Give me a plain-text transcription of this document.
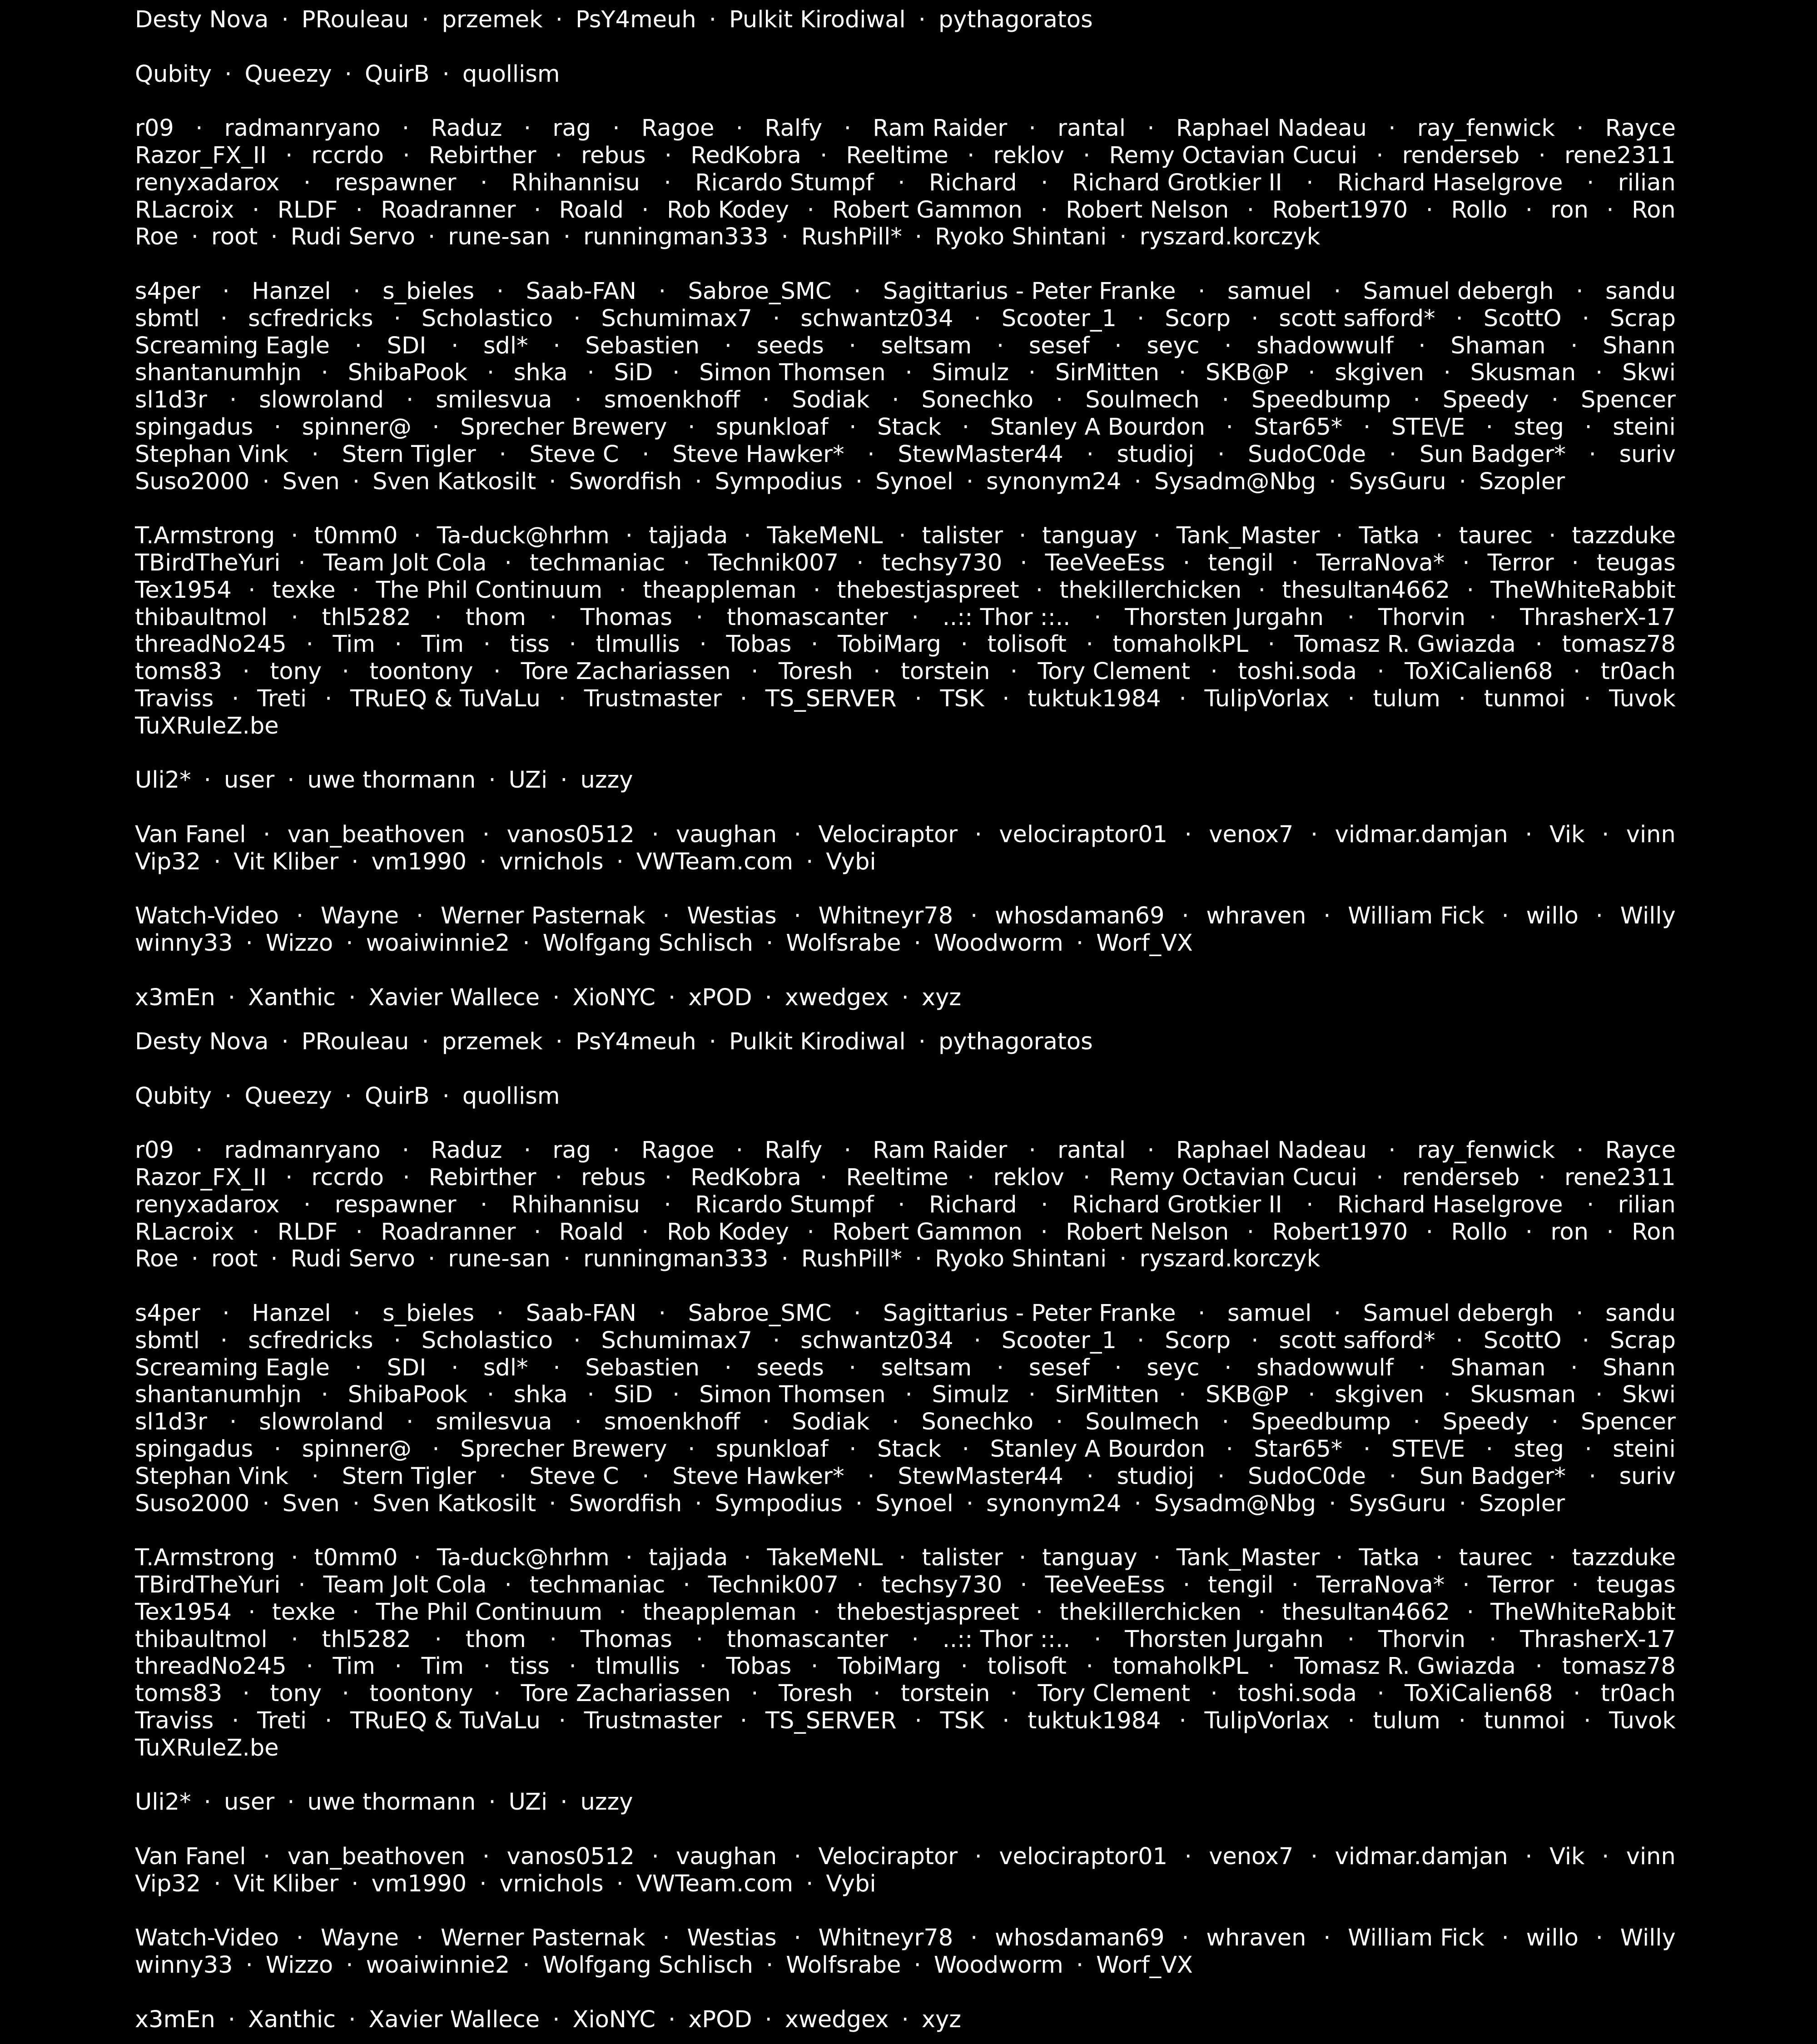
Desty Nova · PRouleau · przemek · PsY4meuh · Pulkit Kirodiwal · pythagoratos
Qubity · Queezy · QuirB · quollism
r09 · radmanryano · Raduz · rag · Ragoe · Ralfy · Ram Raider · rantal · Raphael Nadeau · ray_fenwick · Rayce
Razor_FX_II · rccrdo · Rebirther · rebus · RedKobra · Reeltime · reklov · Remy Octavian Cucui · renderseb · rene2311
renyxadarox · respawner · Rhihannisu · Ricardo Stumpf · Richard · Richard Grotkier II · Richard Haselgrove · rilian
RLacroix · RLDF · Roadranner · Roald · Rob Kodey · Robert Gammon · Robert Nelson · Robert1970 · Rollo · ron · Ron
Roe · root · Rudi Servo · rune-san · runningman333 · RushPill* · Ryoko Shintani · ryszard.korczyk
s4per · Hanzel · s_bieles · Saab-FAN · Sabroe_SMC · Sagittarius - Peter Franke · samuel · Samuel debergh · sandu
sbmtl · scfredricks · Scholastico · Schumimax7 · schwantz034 · Scooter_1 · Scorp · scott safford* · ScottO · Scrap
Screaming Eagle · SDI · sdl* · Sebastien · seeds · seltsam · sesef · seyc · shadowwulf · Shaman · Shann
shantanumhjn · ShibaPook · shka · SiD · Simon Thomsen · Simulz · SirMitten · SKB@P · skgiven · Skusman · Skwi
sl1d3r · slowroland · smilesvua · smoenkhoff · Sodiak · Sonechko · Soulmech · Speedbump · Speedy · Spencer
spingadus · spinner@ · Sprecher Brewery · spunkloaf · Stack · Stanley A Bourdon · Star65* · STE\/E · steg · steini
Stephan Vink · Stern Tigler · Steve C · Steve Hawker* · StewMaster44 · studioj · SudoC0de · Sun Badger* · suriv
Suso2000 · Sven · Sven Katkosilt · Swordfish · Sympodius · Synoel · synonym24 · Sysadm@Nbg · SysGuru · Szopler
T.Armstrong · t0mm0 · Ta-duck@hrhm · tajjada · TakeMeNL · talister · tanguay · Tank_Master · Tatka · taurec · tazzduke
TBirdTheYuri · Team Jolt Cola · techmaniac · Technik007 · techsy730 · TeeVeeEss · tengil · TerraNova* · Terror · teugas
Tex1954 · texke · The Phil Continuum · theappleman · thebestjaspreet · thekillerchicken · thesultan4662 · TheWhiteRabbit
thibaultmol · thl5282 · thom · Thomas · thomascanter · ..:: Thor ::.. · Thorsten Jurgahn · Thorvin · ThrasherX-17
threadNo245 · Tim · Tim · tiss · tlmullis · Tobas · TobiMarg · tolisoft · tomaholkPL · Tomasz R. Gwiazda · tomasz78
toms83 · tony · toontony · Tore Zachariassen · Toresh · torstein · Tory Clement · toshi.soda · ToXiCalien68 · tr0ach
Traviss · Treti · TRuEQ & TuVaLu · Trustmaster · TS_SERVER · TSK · tuktuk1984 · TulipVorlax · tulum · tunmoi · Tuvok
TuXRuleZ.be
Uli2* · user · uwe thormann · UZi · uzzy
Van Fanel · van_beathoven · vanos0512 · vaughan · Velociraptor · velociraptor01 · venox7 · vidmar.damjan · Vik · vinn
Vip32 · Vit Kliber · vm1990 · vrnichols · VWTeam.com · Vybi
Watch-Video · Wayne · Werner Pasternak · Westias · Whitneyr78 · whosdaman69 · whraven · William Fick · willo · Willy
winny33 · Wizzo · woaiwinnie2 · Wolfgang Schlisch · Wolfsrabe · Woodworm · Worf_VX
x3mEn · Xanthic · Xavier Wallece · XioNYC · xPOD · xwedgex · xyz
Desty Nova · PRouleau · przemek · PsY4meuh · Pulkit Kirodiwal · pythagoratos
Qubity · Queezy · QuirB · quollism
r09 · radmanryano · Raduz · rag · Ragoe · Ralfy · Ram Raider · rantal · Raphael Nadeau · ray_fenwick · Rayce
Razor_FX_II · rccrdo · Rebirther · rebus · RedKobra · Reeltime · reklov · Remy Octavian Cucui · renderseb · rene2311
renyxadarox · respawner · Rhihannisu · Ricardo Stumpf · Richard · Richard Grotkier II · Richard Haselgrove · rilian
RLacroix · RLDF · Roadranner · Roald · Rob Kodey · Robert Gammon · Robert Nelson · Robert1970 · Rollo · ron · Ron
Roe · root · Rudi Servo · rune-san · runningman333 · RushPill* · Ryoko Shintani · ryszard.korczyk
s4per · Hanzel · s_bieles · Saab-FAN · Sabroe_SMC · Sagittarius - Peter Franke · samuel · Samuel debergh · sandu
sbmtl · scfredricks · Scholastico · Schumimax7 · schwantz034 · Scooter_1 · Scorp · scott safford* · ScottO · Scrap
Screaming Eagle · SDI · sdl* · Sebastien · seeds · seltsam · sesef · seyc · shadowwulf · Shaman · Shann
shantanumhjn · ShibaPook · shka · SiD · Simon Thomsen · Simulz · SirMitten · SKB@P · skgiven · Skusman · Skwi
sl1d3r · slowroland · smilesvua · smoenkhoff · Sodiak · Sonechko · Soulmech · Speedbump · Speedy · Spencer
spingadus · spinner@ · Sprecher Brewery · spunkloaf · Stack · Stanley A Bourdon · Star65* · STE\/E · steg · steini
Stephan Vink · Stern Tigler · Steve C · Steve Hawker* · StewMaster44 · studioj · SudoC0de · Sun Badger* · suriv
Suso2000 · Sven · Sven Katkosilt · Swordfish · Sympodius · Synoel · synonym24 · Sysadm@Nbg · SysGuru · Szopler
T.Armstrong · t0mm0 · Ta-duck@hrhm · tajjada · TakeMeNL · talister · tanguay · Tank_Master · Tatka · taurec · tazzduke
TBirdTheYuri · Team Jolt Cola · techmaniac · Technik007 · techsy730 · TeeVeeEss · tengil · TerraNova* · Terror · teugas
Tex1954 · texke · The Phil Continuum · theappleman · thebestjaspreet · thekillerchicken · thesultan4662 · TheWhiteRabbit
thibaultmol · thl5282 · thom · Thomas · thomascanter · ..:: Thor ::.. · Thorsten Jurgahn · Thorvin · ThrasherX-17
threadNo245 · Tim · Tim · tiss · tlmullis · Tobas · TobiMarg · tolisoft · tomaholkPL · Tomasz R. Gwiazda · tomasz78
toms83 · tony · toontony · Tore Zachariassen · Toresh · torstein · Tory Clement · toshi.soda · ToXiCalien68 · tr0ach
Traviss · Treti · TRuEQ & TuVaLu · Trustmaster · TS_SERVER · TSK · tuktuk1984 · TulipVorlax · tulum · tunmoi · Tuvok
TuXRuleZ.be
Uli2* · user · uwe thormann · UZi · uzzy
Van Fanel · van_beathoven · vanos0512 · vaughan · Velociraptor · velociraptor01 · venox7 · vidmar.damjan · Vik · vinn
Vip32 · Vit Kliber · vm1990 · vrnichols · VWTeam.com · Vybi
Watch-Video · Wayne · Werner Pasternak · Westias · Whitneyr78 · whosdaman69 · whraven · William Fick · willo · Willy
winny33 · Wizzo · woaiwinnie2 · Wolfgang Schlisch · Wolfsrabe · Woodworm · Worf_VX
x3mEn · Xanthic · Xavier Wallece · XioNYC · xPOD · xwedgex · xyz
